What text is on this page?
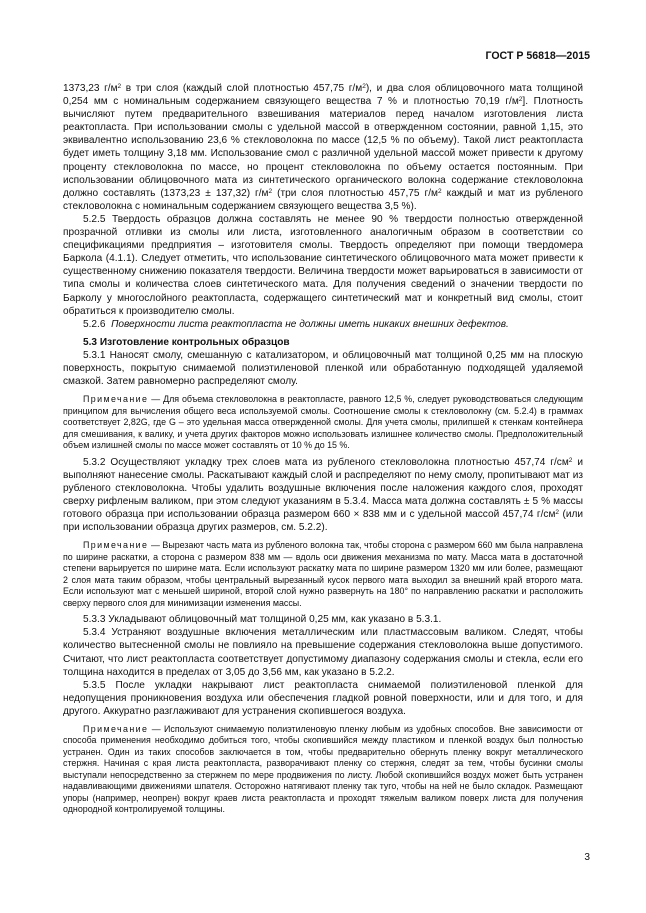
ГОСТ Р 56818—2015

1373,23 $г/м^2$ в три слоя (каждый слой плотностью 457,75 $г/м^2$), и два слоя облицовочного мата толщиной 0,254 мм с номинальным содержанием связующего вещества 7 % и плотностью 70,19 $г/м^2$]. Плотность вычисляют путем предварительного взвешивания материалов перед началом изготовления листа реактопласта. При использовании смолы с удельной массой в отвержденном состоянии, равной 1,15, это эквивалентно использованию 23,6 % стекловолокна по массе (12,5 % по объему). Такой лист реактопласта будет иметь толщину 3,18 мм. Использование смол с различной удельной массой может привести к другому проценту стекловолокна по массе, но процент стекловолокна по объему остается постоянным. При использовании облицовочного мата из синтетического органического волокна содержание стекловолокна должно составлять (1373,23 ± 137,32) $г/м^2$ (три слоя плотностью 457,75 $г/м^2$ каждый и мат из рубленого стекловолокна с номинальным содержанием связующего вещества 3,5 %).

5.2.5 Твердость образцов должна составлять не менее 90 % твердости полностью отвержденной прозрачной отливки из смолы или листа, изготовленного аналогичным образом в соответствии со спецификациями предприятия – изготовителя смолы. Твердость определяют при помощи твердомера Баркола (4.1.1). Следует отметить, что использование синтетического облицовочного мата может привести к существенному снижению показателя твердости. Величина твердости может варьироваться в зависимости от типа смолы и количества слоев синтетического мата. Для получения сведений о значении твердости по Барколу у многослойного реактопласта, содержащего синтетический мат и конкретный вид смолы, стоит обратиться к производителю смолы.

5.2.6 Поверхности листа реактопласта не должны иметь никаких внешних дефектов.

5.3 Изготовление контрольных образцов

5.3.1 Наносят смолу, смешанную с катализатором, и облицовочный мат толщиной 0,25 мм на плоскую поверхность, покрытую снимаемой полиэтиленовой пленкой или обработанную подходящей удаляемой смазкой. Затем равномерно распределяют смолу.

Примечание — Для объема стекловолокна в реактопласте, равного 12,5 %, следует руководствоваться следующим принципом для вычисления общего веса используемой смолы. Соотношение смолы к стекловолокну (см. 5.2.4) в граммах соответствует 2,82G, где G – это удельная масса отвержденной смолы. Для учета смолы, прилипшей к стенкам контейнера для смешивания, к валику, и учета других факторов можно использовать излишнее количество смолы. Предположительный объем излишней смолы по массе может составлять от 10 % до 15 %.

5.3.2 Осуществляют укладку трех слоев мата из рубленого стекловолокна плотностью 457,74 $г/см^2$ и выполняют нанесение смолы. Раскатывают каждый слой и распределяют по нему смолу, пропитывают мат из рубленого стекловолокна. Чтобы удалить воздушные включения после наложения каждого слоя, проходят сверху рифленым валиком, при этом следуют указаниям в 5.3.4. Масса мата должна составлять ± 5 % массы готового образца при использовании образца размером 660 × 838 мм и с удельной массой 457,74 $г/см^2$ (или при использовании образца других размеров, см. 5.2.2).

Примечание — Вырезают часть мата из рубленого волокна так, чтобы сторона с размером 660 мм была направлена по ширине раскатки, а сторона с размером 838 мм — вдоль оси движения механизма по мату. Масса мата в достаточной степени варьируется по ширине мата. Если используют раскатку мата по ширине размером 1320 мм или более, размещают 2 слоя мата таким образом, чтобы центральный вырезанный кусок первого мата выходил за внешний край второго мата. Если используют мат с меньшей шириной, второй слой нужно развернуть на 180° по направлению раскатки и расположить сверху первого слоя для минимизации изменения массы.

5.3.3 Укладывают облицовочный мат толщиной 0,25 мм, как указано в 5.3.1.

5.3.4 Устраняют воздушные включения металлическим или пластмассовым валиком. Следят, чтобы количество вытесненной смолы не повлияло на превышение содержания стекловолокна выше допустимого. Считают, что лист реактопласта соответствует допустимому диапазону содержания смолы и стекла, если его толщина находится в пределах от 3,05 до 3,56 мм, как указано в 5.2.2.

5.3.5 После укладки накрывают лист реактопласта снимаемой полиэтиленовой пленкой для недопущения проникновения воздуха или обеспечения гладкой ровной поверхности, или и для того, и для другого. Аккуратно разглаживают для устранения скопившегося воздуха.

Примечание — Используют снимаемую полиэтиленовую пленку любым из удобных способов. Вне зависимости от способа применения необходимо добиться того, чтобы скопившийся между пластиком и пленкой воздух был полностью устранен. Один из таких способов заключается в том, чтобы предварительно обернуть пленку вокруг металлического стержня. Начиная с края листа реактопласта, разворачивают пленку со стержня, следят за тем, чтобы бусинки смолы выступали непосредственно за стержнем по мере продвижения по листу. Любой скопившийся воздух может быть устранен надавливающими движениями шпателя. Осторожно натягивают пленку так туго, чтобы на ней не было складок. Размещают упоры (например, неопрен) вокруг краев листа реактопласта и проходят тяжелым валиком поверх листа для получения однородной контролируемой толщины.

3
